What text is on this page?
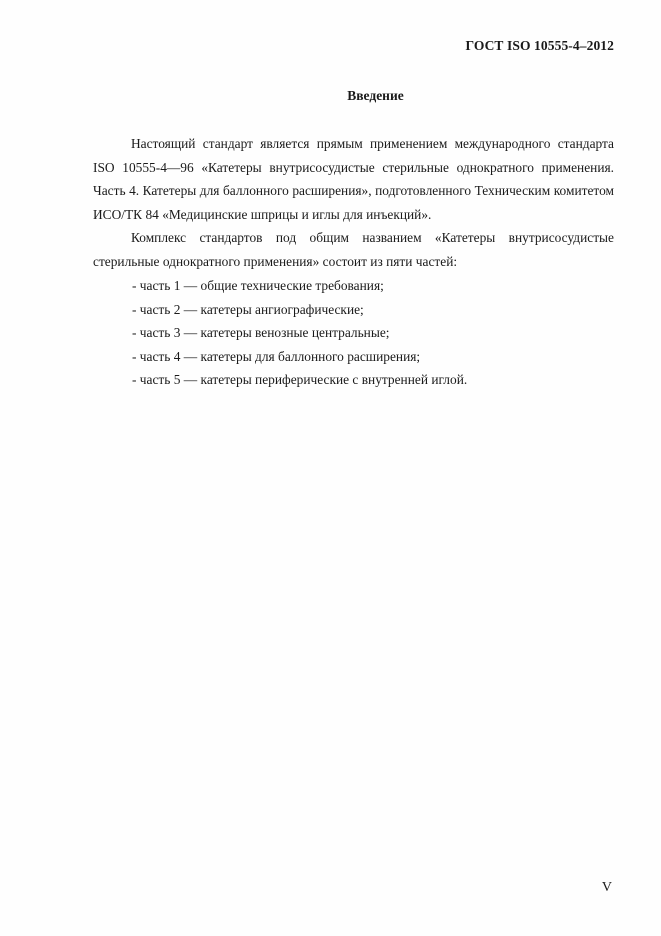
ГОСТ ISO 10555-4–2012
Введение

Настоящий стандарт является прямым применением международного стандарта ISO 10555-4—96 «Катетеры внутрисосудистые стерильные однократного применения. Часть 4. Катетеры для баллонного расширения», подготовленного Техническим комитетом ИСО/ТК 84 «Медицинские шприцы и иглы для инъекций».

Комплекс стандартов под общим названием «Катетеры внутрисосудистые стерильные однократного применения» состоит из пяти частей:

- часть 1 — общие технические требования;
- часть 2 — катетеры ангиографические;
- часть 3 — катетеры венозные центральные;
- часть 4 — катетеры для баллонного расширения;
- часть 5 — катетеры периферические с внутренней иглой.
V
